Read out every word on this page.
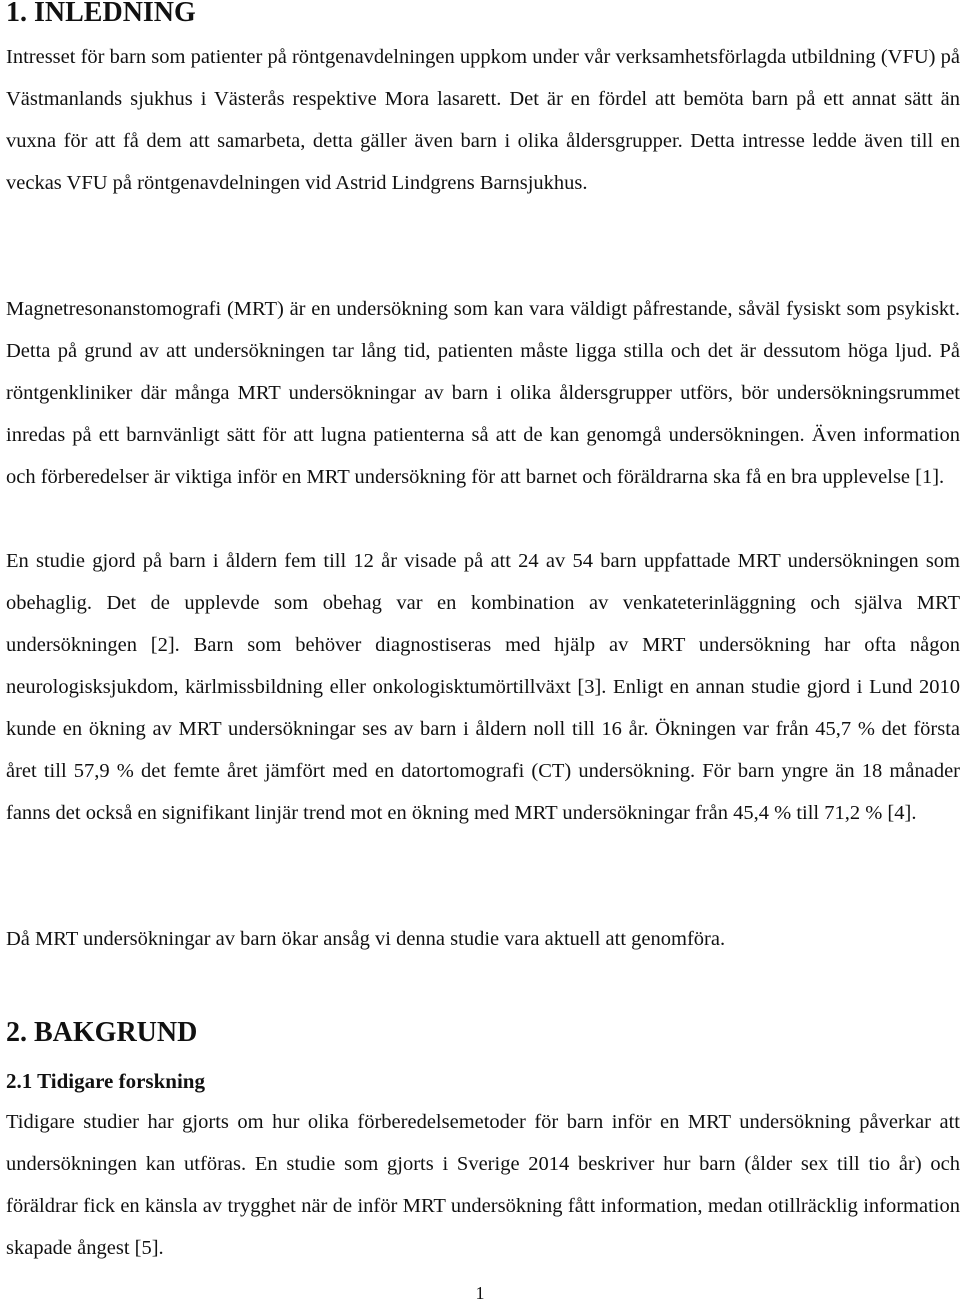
1. INLEDNING

Intresset för barn som patienter på röntgenavdelningen uppkom under vår verksamhetsförlagda utbildning (VFU) på Västmanlands sjukhus i Västerås respektive Mora lasarett. Det är en fördel att bemöta barn på ett annat sätt än vuxna för att få dem att samarbeta, detta gäller även barn i olika åldersgrupper. Detta intresse ledde även till en veckas VFU på röntgenavdelningen vid Astrid Lindgrens Barnsjukhus.

Magnetresonanstomografi (MRT) är en undersökning som kan vara väldigt påfrestande, såväl fysiskt som psykiskt. Detta på grund av att undersökningen tar lång tid, patienten måste ligga stilla och det är dessutom höga ljud. På röntgenkliniker där många MRT undersökningar av barn i olika åldersgrupper utförs, bör undersökningsrummet inredas på ett barnvänligt sätt för att lugna patienterna så att de kan genomgå undersökningen. Även information och förberedelser är viktiga inför en MRT undersökning för att barnet och föräldrarna ska få en bra upplevelse [1].

En studie gjord på barn i åldern fem till 12 år visade på att 24 av 54 barn uppfattade MRT undersökningen som obehaglig. Det de upplevde som obehag var en kombination av venkateterinläggning och själva MRT undersökningen [2]. Barn som behöver diagnostiseras med hjälp av MRT undersökning har ofta någon neurologisksjukdom, kärlmissbildning eller onkologisktumörtillväxt [3]. Enligt en annan studie gjord i Lund 2010 kunde en ökning av MRT undersökningar ses av barn i åldern noll till 16 år. Ökningen var från 45,7 % det första året till 57,9 % det femte året jämfört med en datortomografi (CT) undersökning. För barn yngre än 18 månader fanns det också en signifikant linjär trend mot en ökning med MRT undersökningar från 45,4 % till 71,2 % [4].

Då MRT undersökningar av barn ökar ansåg vi denna studie vara aktuell att genomföra.

2. BAKGRUND
2.1 Tidigare forskning

Tidigare studier har gjorts om hur olika förberedelsemetoder för barn inför en MRT undersökning påverkar att undersökningen kan utföras. En studie som gjorts i Sverige 2014 beskriver hur barn (ålder sex till tio år) och föräldrar fick en känsla av trygghet när de inför MRT undersökning fått information, medan otillräcklig information skapade ångest [5].

1
